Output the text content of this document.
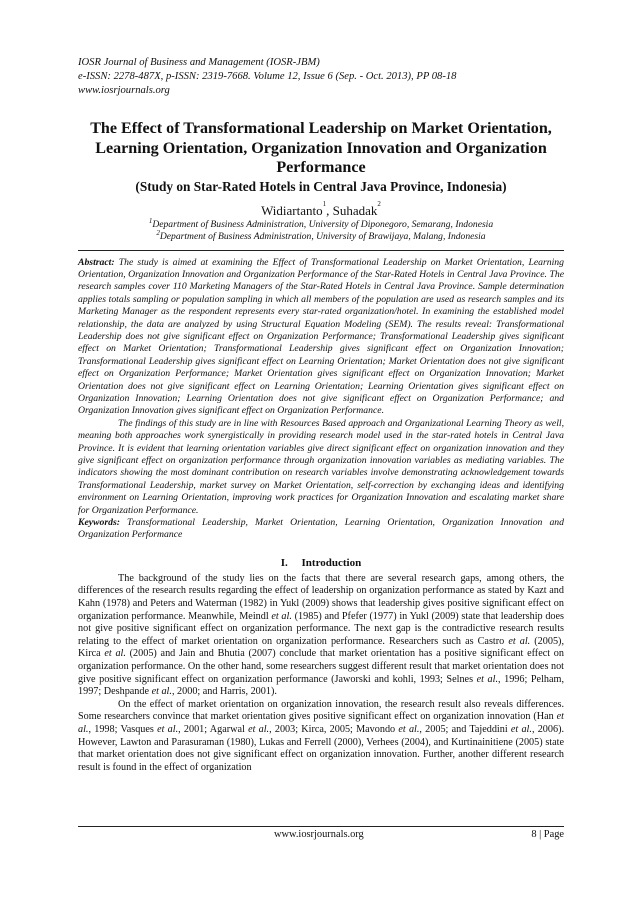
IOSR Journal of Business and Management (IOSR-JBM)
e-ISSN: 2278-487X, p-ISSN: 2319-7668. Volume 12, Issue 6 (Sep. - Oct. 2013), PP 08-18
www.iosrjournals.org
The Effect of Transformational Leadership on Market Orientation, Learning Orientation, Organization Innovation and Organization Performance
(Study on Star-Rated Hotels in Central Java Province, Indonesia)
Widiartanto$^1$, Suhadak$^2$
$^1$Department of Business Administration, University of Diponegoro, Semarang, Indonesia
$^2$Department of Business Administration, University of Brawijaya, Malang, Indonesia

Abstract: The study is aimed at examining the Effect of Transformational Leadership on Market Orientation, Learning Orientation, Organization Innovation and Organization Performance of the Star-Rated Hotels in Central Java Province. The research samples cover 110 Marketing Managers of the Star-Rated Hotels in Central Java Province. Sample determination applies totals sampling or population sampling in which all members of the population are used as research samples and its Marketing Manager as the respondent represents every star-rated organization/hotel. In examining the established model relationship, the data are analyzed by using Structural Equation Modeling (SEM). The results reveal: Transformational Leadership does not give significant effect on Organization Performance; Transformational Leadership gives significant effect on Market Orientation; Transformational Leadership gives significant effect on Organization Innovation; Transformational Leadership gives significant effect on Learning Orientation; Market Orientation does not give significant effect on Organization Performance; Market Orientation gives significant effect on Organization Innovation; Market Orientation does not give significant effect on Learning Orientation; Learning Orientation gives significant effect on Organization Innovation; Learning Orientation does not give significant effect on Organization Performance; and Organization Innovation gives significant effect on Organization Performance.

The findings of this study are in line with Resources Based approach and Organizational Learning Theory as well, meaning both approaches work synergistically in providing research model used in the star-rated hotels in Central Java Province. It is evident that learning orientation variables give direct significant effect on organization innovation and they give significant effect on organization performance through organization innovation variables as mediating variables. The indicators showing the most dominant contribution on research variables involve demonstrating acknowledgement towards Transformational Leadership, market survey on Market Orientation, self-correction by exchanging ideas and identifying environment on Learning Orientation, improving work practices for Organization Innovation and escalating market share for Organization Performance.

Keywords: Transformational Leadership, Market Orientation, Learning Orientation, Organization Innovation and Organization Performance

I. Introduction

The background of the study lies on the facts that there are several research gaps, among others, the differences of the research results regarding the effect of leadership on organization performance as stated by Kazt and Kahn (1978) and Peters and Waterman (1982) in Yukl (2009) shows that leadership gives positive significant effect on organization performance. Meanwhile, Meindl et al. (1985) and Pfefer (1977) in Yukl (2009) state that leadership does not give positive significant effect on organization performance. The next gap is the contradictive research results relating to the effect of market orientation on organization performance. Researchers such as Castro et al. (2005), Kirca et al. (2005) and Jain and Bhutia (2007) conclude that market orientation has a positive significant effect on organization performance. On the other hand, some researchers suggest different result that market orientation does not give positive significant effect on organization performance (Jaworski and kohli, 1993; Selnes et al., 1996; Pelham, 1997; Deshpande et al., 2000; and Harris, 2001).

On the effect of market orientation on organization innovation, the research result also reveals differences. Some researchers convince that market orientation gives positive significant effect on organization innovation (Han et al., 1998; Vasques et al., 2001; Agarwal et al., 2003; Kirca, 2005; Mavondo et al., 2005; and Tajeddini et al., 2006). However, Lawton and Parasuraman (1980), Lukas and Ferrell (2000), Verhees (2004), and Kurtinainitiene (2005) state that market orientation does not give significant effect on organization innovation. Further, another different research result is found in the effect of organization

www.iosrjournals.org	8 | Page
